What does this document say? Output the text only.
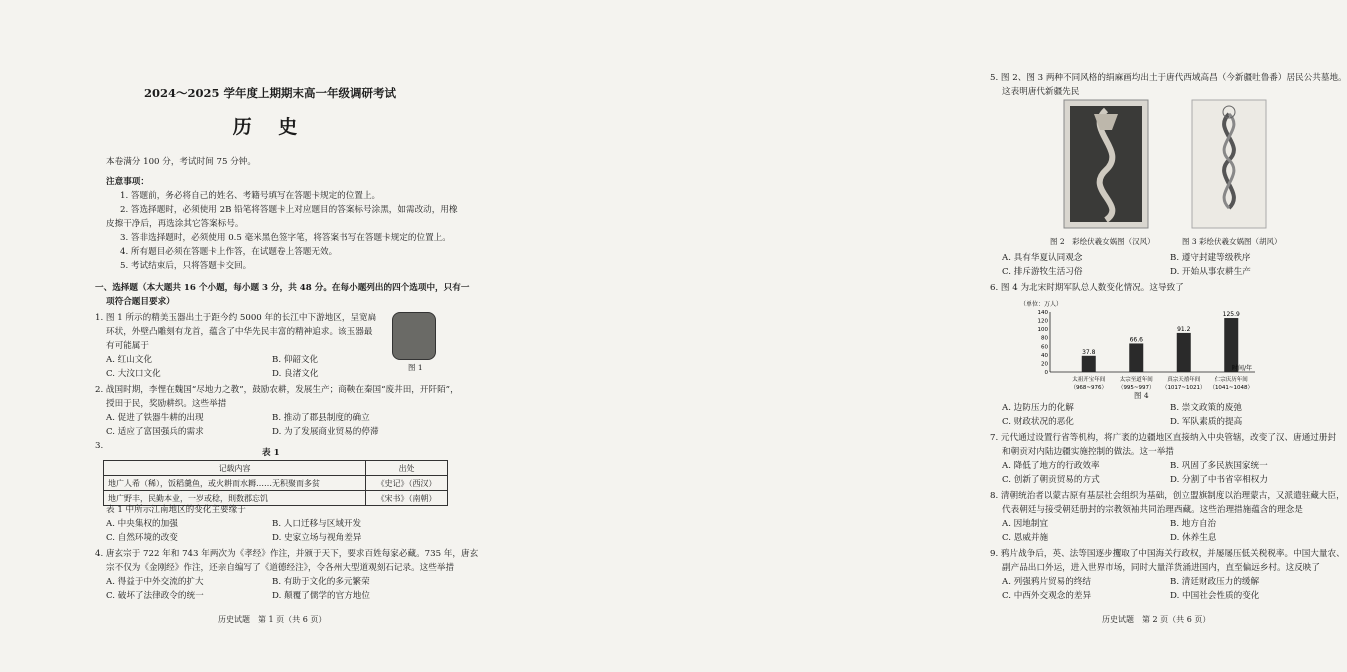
2024～2025 学年度上期期末高一年级调研考试
历 史
本卷满分 100 分，考试时间 75 分钟。
注意事项：
1. 答题前，务必将自己的姓名、考籍号填写在答题卡规定的位置上。
2. 答选择题时，必须使用 2B 铅笔将答题卡上对应题目的答案标号涂黑，如需改动，用橡
皮擦干净后，再选涂其它答案标号。
3. 答非选择题时，必须使用 0.5 毫米黑色签字笔，将答案书写在答题卡规定的位置上。
4. 所有题目必须在答题卡上作答，在试题卷上答题无效。
5. 考试结束后，只将答题卡交回。
一、选择题（本大题共 16 个小题，每小题 3 分，共 48 分。在每小题列出的四个选项中，只有一
项符合题目要求）
1. 图 1 所示的精美玉器出土于距今约 5000 年的长江中下游地区，呈宽扁
环状，外壁凸雕刻有龙首，蕴含了中华先民丰富的精神追求。该玉器最
有可能属于
图 1
A. 红山文化	B. 仰韶文化
C. 大汶口文化	D. 良渚文化
2. 战国时期，李悝在魏国“尽地力之教”，鼓励农耕，发展生产；商鞅在秦国“废井田，开阡陌”，
授田于民，奖励耕织。这些举措
A. 促进了铁器牛耕的出现	B. 推动了郡县制度的确立
C. 适应了富国强兵的需求	D. 为了发展商业贸易的停滞
3.
表 1
记载内容	出处
地广人希（稀），饭稻羹鱼，或火耕而水耨……无积聚而多贫	《史记》（西汉）
地广野丰，民勤本业，一岁或稔，則数郡忘饥	《宋书》（南朝）
表 1 中所示江南地区的变化主要缘于
A. 中央集权的加强	B. 人口迁移与区域开发
C. 自然环境的改变	D. 史家立场与视角差异
4. 唐玄宗于 722 年和 743 年两次为《孝经》作注，并颁于天下，要求百姓每家必藏。735 年，唐玄
宗不仅为《金刚经》作注，还亲自编写了《道德经注》，令各州大型道观刻石记录。这些举措
A. 得益于中外交流的扩大	B. 有助于文化的多元繁荣
C. 破坏了法律政令的统一	D. 颠覆了儒学的官方地位
历史试题　第 1 页（共 6 页）
5. 图 2、图 3 两种不同风格的绢麻画均出土于唐代西域高昌（今新疆吐鲁番）居民公共墓地。
这表明唐代新疆先民
图 2　彩绘伏羲女娲图（汉风）	图 3 彩绘伏羲女娲图（胡风）
A. 具有华夏认同观念	B. 遵守封建等级秩序
C. 排斥游牧生活习俗	D. 开始从事农耕生产
6. 图 4 为北宋时期军队总人数变化情况。这导致了
（单位：万人）
140
120
100
80
60
40
20
0
37.8
太祖开宝年间
（968~976）
66.6
太宗至道年间
（995~997）
91.2
真宗天禧年间
（1017~1021）
125.9
仁宗庆历年间
（1041~1048）
时间/年
图 4
A. 边防压力的化解	B. 崇文政策的废弛
C. 财政状况的恶化	D. 军队素质的提高
7. 元代通过设置行省等机构，将广袤的边疆地区直接纳入中央管辖，改变了汉、唐通过册封
和朝贡对内陆边疆实施控制的做法。这一举措
A. 降低了地方的行政效率	B. 巩固了多民族国家统一
C. 创新了朝贡贸易的方式	D. 分割了中书省宰相权力
8. 清朝统治者以蒙古原有基层社会组织为基础，创立盟旗制度以治理蒙古，又派遣驻藏大臣，
代表朝廷与接受朝廷册封的宗教领袖共同治理西藏。这些治理措施蕴含的理念是
A. 因地制宜	B. 地方自治
C. 恩威并施	D. 休养生息
9. 鸦片战争后，英、法等国逐步攫取了中国海关行政权，并屡屡压低关税税率。中国大量农、
副产品出口外运，进入世界市场，同时大量洋货涌进国内，直至偏远乡村。这反映了
A. 列强鸦片贸易的终结	B. 清廷财政压力的缓解
C. 中西外交观念的差异	D. 中国社会性质的变化
历史试题　第 2 页（共 6 页）
